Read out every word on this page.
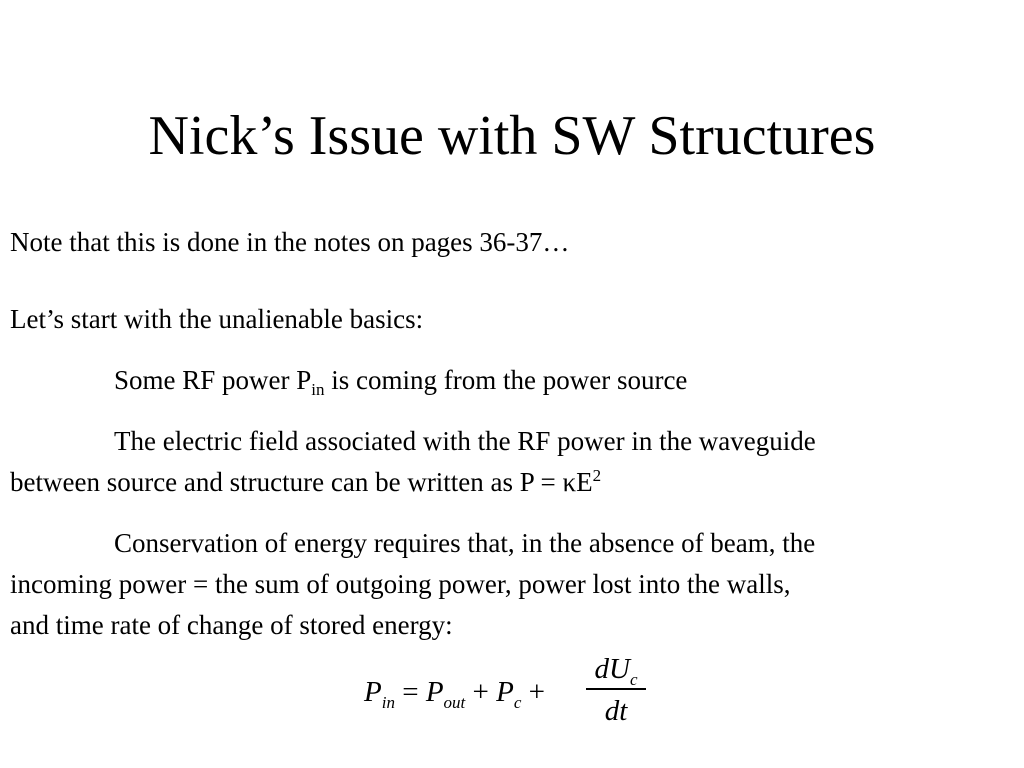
Nick’s Issue with SW Structures
Note that this is done in the notes on pages 36-37…
Let’s start with the unalienable basics:
Some RF power $P_{in}$ is coming from the power source
The electric field associated with the RF power in the waveguide
between source and structure can be written as $P = \kappa E^2$
Conservation of energy requires that, in the absence of beam, the
incoming power = the sum of outgoing power, power lost into the walls,
and time rate of change of stored energy:
$P_{in} = P_{out} + P_c$ +
$dU_c$
dt
